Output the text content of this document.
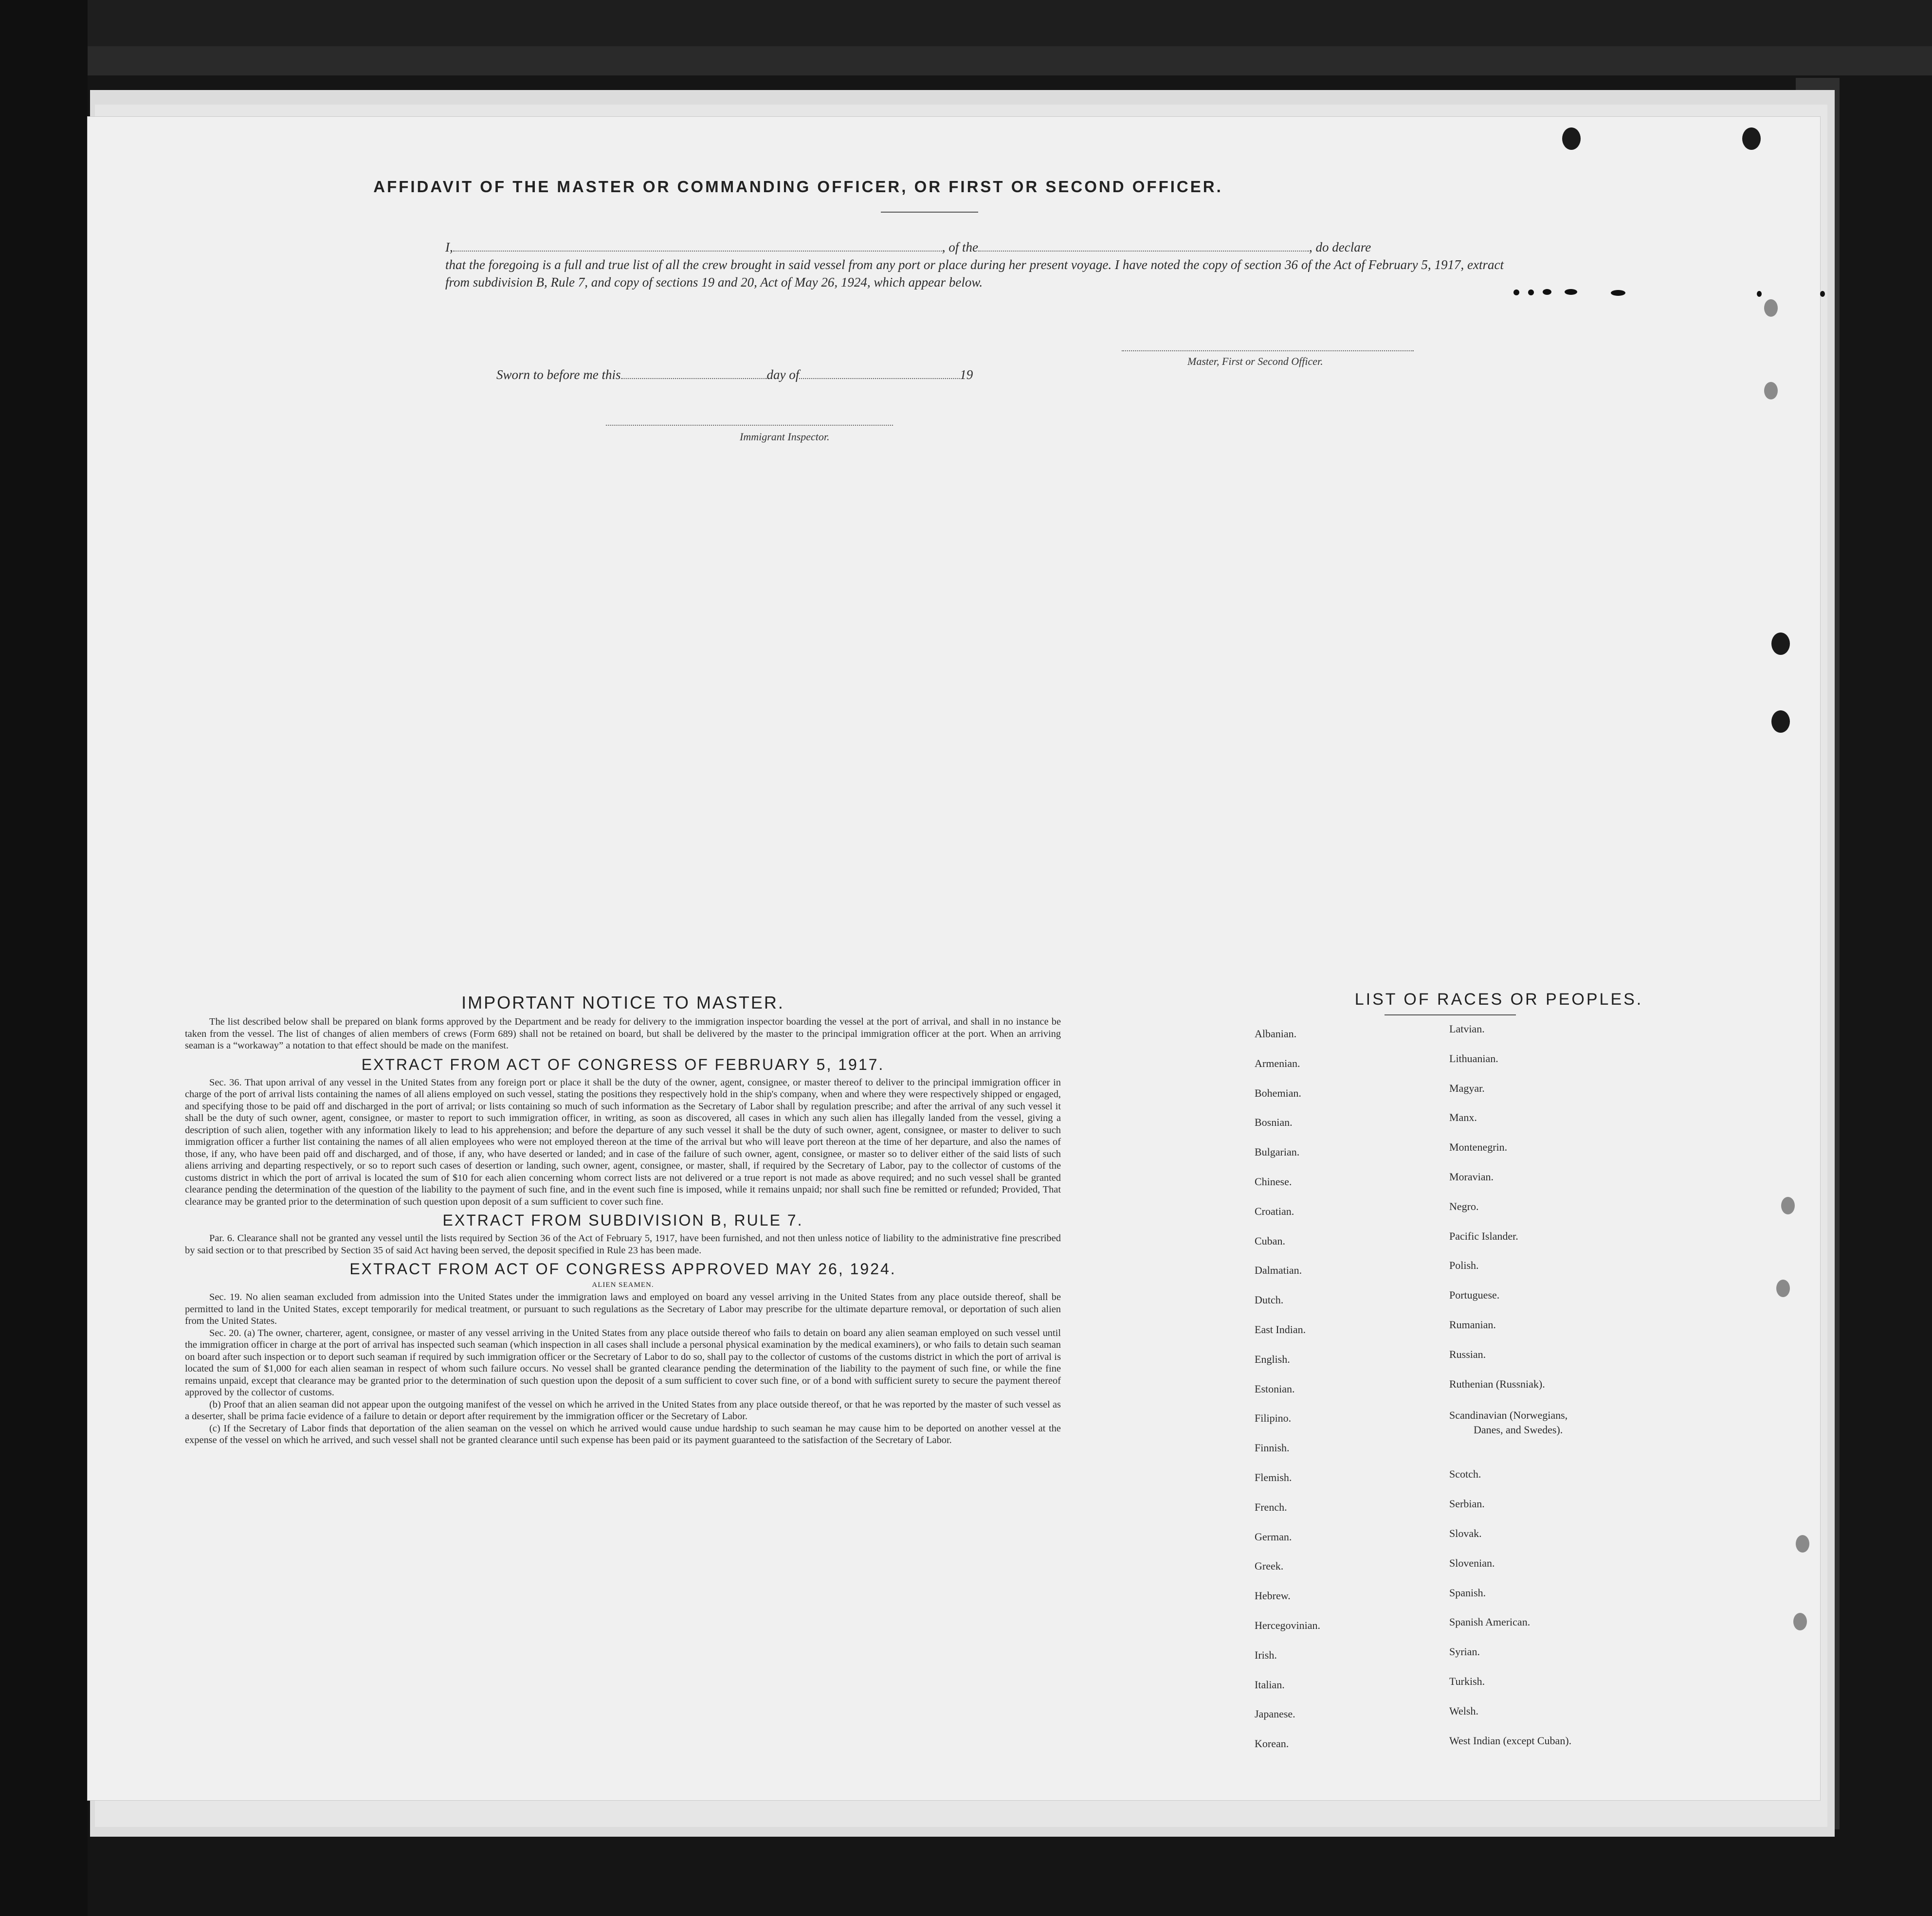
AFFIDAVIT OF THE MASTER OR COMMANDING OFFICER, OR FIRST OR SECOND OFFICER.
I,	, of the	, do declare
that the foregoing is a full and true list of all the crew brought in said vessel from any port or place during her present voyage. I have noted the copy of section 36 of the Act of February 5, 1917, extract from subdivision B, Rule 7, and copy of sections 19 and 20, Act of May 26, 1924, which appear below.
Master, First or Second Officer.
Sworn to before me this	day of	19
Immigrant Inspector.
IMPORTANT NOTICE TO MASTER.

The list described below shall be prepared on blank forms approved by the Department and be ready for delivery to the immigration inspector boarding the vessel at the port of arrival, and shall in no instance be taken from the vessel. The list of changes of alien members of crews (Form 689) shall not be retained on board, but shall be delivered by the master to the principal immigration officer at the port. When an arriving seaman is a “workaway” a notation to that effect should be made on the manifest.

EXTRACT FROM ACT OF CONGRESS OF FEBRUARY 5, 1917.

Sec. 36. That upon arrival of any vessel in the United States from any foreign port or place it shall be the duty of the owner, agent, consignee, or master thereof to deliver to the principal immigration officer in charge of the port of arrival lists containing the names of all aliens employed on such vessel, stating the positions they respectively hold in the ship's company, when and where they were respectively shipped or engaged, and specifying those to be paid off and discharged in the port of arrival; or lists containing so much of such information as the Secretary of Labor shall by regulation prescribe; and after the arrival of any such vessel it shall be the duty of such owner, agent, consignee, or master to report to such immigration officer, in writing, as soon as discovered, all cases in which any such alien has illegally landed from the vessel, giving a description of such alien, together with any information likely to lead to his apprehension; and before the departure of any such vessel it shall be the duty of such owner, agent, consignee, or master to deliver to such immigration officer a further list containing the names of all alien employees who were not employed thereon at the time of the arrival but who will leave port thereon at the time of her departure, and also the names of those, if any, who have been paid off and discharged, and of those, if any, who have deserted or landed; and in case of the failure of such owner, agent, consignee, or master so to deliver either of the said lists of such aliens arriving and departing respectively, or so to report such cases of desertion or landing, such owner, agent, consignee, or master, shall, if required by the Secretary of Labor, pay to the collector of customs of the customs district in which the port of arrival is located the sum of $10 for each alien concerning whom correct lists are not delivered or a true report is not made as above required; and no such vessel shall be granted clearance pending the determination of the question of the liability to the payment of such fine, and in the event such fine is imposed, while it remains unpaid; nor shall such fine be remitted or refunded; Provided, That clearance may be granted prior to the determination of such question upon deposit of a sum sufficient to cover such fine.

EXTRACT FROM SUBDIVISION B, RULE 7.

Par. 6. Clearance shall not be granted any vessel until the lists required by Section 36 of the Act of February 5, 1917, have been furnished, and not then unless notice of liability to the administrative fine prescribed by said section or to that prescribed by Section 35 of said Act having been served, the deposit specified in Rule 23 has been made.

EXTRACT FROM ACT OF CONGRESS APPROVED MAY 26, 1924.
ALIEN SEAMEN.

Sec. 19. No alien seaman excluded from admission into the United States under the immigration laws and employed on board any vessel arriving in the United States from any place outside thereof, shall be permitted to land in the United States, except temporarily for medical treatment, or pursuant to such regulations as the Secretary of Labor may prescribe for the ultimate departure removal, or deportation of such alien from the United States.

Sec. 20. (a) The owner, charterer, agent, consignee, or master of any vessel arriving in the United States from any place outside thereof who fails to detain on board any alien seaman employed on such vessel until the immigration officer in charge at the port of arrival has inspected such seaman (which inspection in all cases shall include a personal physical examination by the medical examiners), or who fails to detain such seaman on board after such inspection or to deport such seaman if required by such immigration officer or the Secretary of Labor to do so, shall pay to the collector of customs of the customs district in which the port of arrival is located the sum of $1,000 for each alien seaman in respect of whom such failure occurs. No vessel shall be granted clearance pending the determination of the liability to the payment of such fine, or while the fine remains unpaid, except that clearance may be granted prior to the determination of such question upon the deposit of a sum sufficient to cover such fine, or of a bond with sufficient surety to secure the payment thereof approved by the collector of customs.

(b) Proof that an alien seaman did not appear upon the outgoing manifest of the vessel on which he arrived in the United States from any place outside thereof, or that he was reported by the master of such vessel as a deserter, shall be prima facie evidence of a failure to detain or deport after requirement by the immigration officer or the Secretary of Labor.

(c) If the Secretary of Labor finds that deportation of the alien seaman on the vessel on which he arrived would cause undue hardship to such seaman he may cause him to be deported on another vessel at the expense of the vessel on which he arrived, and such vessel shall not be granted clearance until such expense has been paid or its payment guaranteed to the satisfaction of the Secretary of Labor.

LIST OF RACES OR PEOPLES.
Albanian.
Armenian.
Bohemian.
Bosnian.
Bulgarian.
Chinese.
Croatian.
Cuban.
Dalmatian.
Dutch.
East Indian.
English.
Estonian.
Filipino.
Finnish.
Flemish.
French.
German.
Greek.
Hebrew.
Hercegovinian.
Irish.
Italian.
Japanese.
Korean.
Latvian.
Lithuanian.
Magyar.
Manx.
Montenegrin.
Moravian.
Negro.
Pacific Islander.
Polish.
Portuguese.
Rumanian.
Russian.
Ruthenian (Russniak).
Scandinavian (Norwegians,
Danes, and Swedes).
Scotch.
Serbian.
Slovak.
Slovenian.
Spanish.
Spanish American.
Syrian.
Turkish.
Welsh.
West Indian (except Cuban).
